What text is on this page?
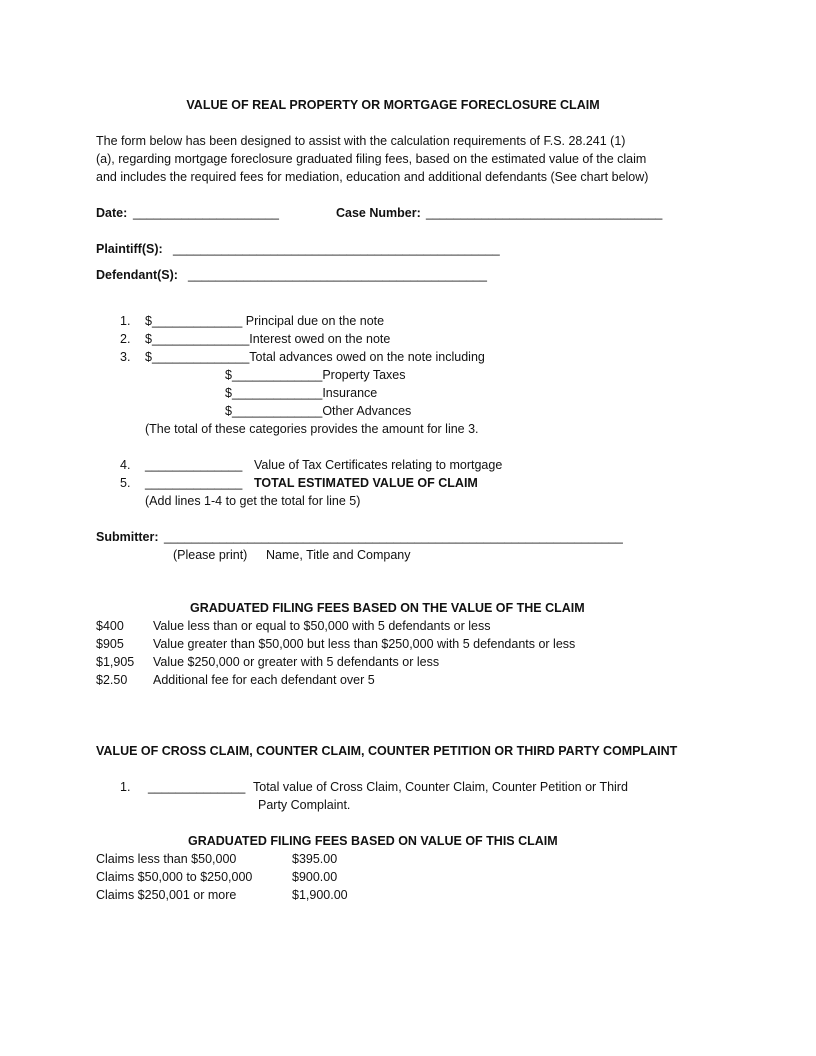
VALUE OF REAL PROPERTY OR MORTGAGE FORECLOSURE CLAIM
The form below has been designed to assist with the calculation requirements of F.S. 28.241 (1)
(a), regarding mortgage foreclosure graduated filing fees, based on the estimated value of the claim
and includes the required fees for mediation, education and additional defendants (See chart below)
Date: _____________________	Case Number: __________________________________
Plaintiff(S): _______________________________________________
Defendant(S): ___________________________________________
1. $_____________ Principal due on the note
2. $______________Interest owed on the note
3. $______________Total advances owed on the note including
$_____________Property Taxes
$_____________Insurance
$_____________Other Advances
(The total of these categories provides the amount for line 3.
4. ______________ Value of Tax Certificates relating to mortgage
5. ______________ TOTAL ESTIMATED VALUE OF CLAIM
(Add lines 1-4 to get the total for line 5)
Submitter: __________________________________________________________________
(Please print) Name, Title and Company
GRADUATED FILING FEES BASED ON THE VALUE OF THE CLAIM
$400 Value less than or equal to $50,000 with 5 defendants or less
$905 Value greater than $50,000 but less than $250,000 with 5 defendants or less
$1,905 Value $250,000 or greater with 5 defendants or less
$2.50 Additional fee for each defendant over 5
VALUE OF CROSS CLAIM, COUNTER CLAIM, COUNTER PETITION OR THIRD PARTY COMPLAINT
1. ______________ Total value of Cross Claim, Counter Claim, Counter Petition or Third
Party Complaint.
GRADUATED FILING FEES BASED ON VALUE OF THIS CLAIM
Claims less than $50,000	$395.00
Claims $50,000 to $250,000	$900.00
Claims $250,001 or more	$1,900.00
